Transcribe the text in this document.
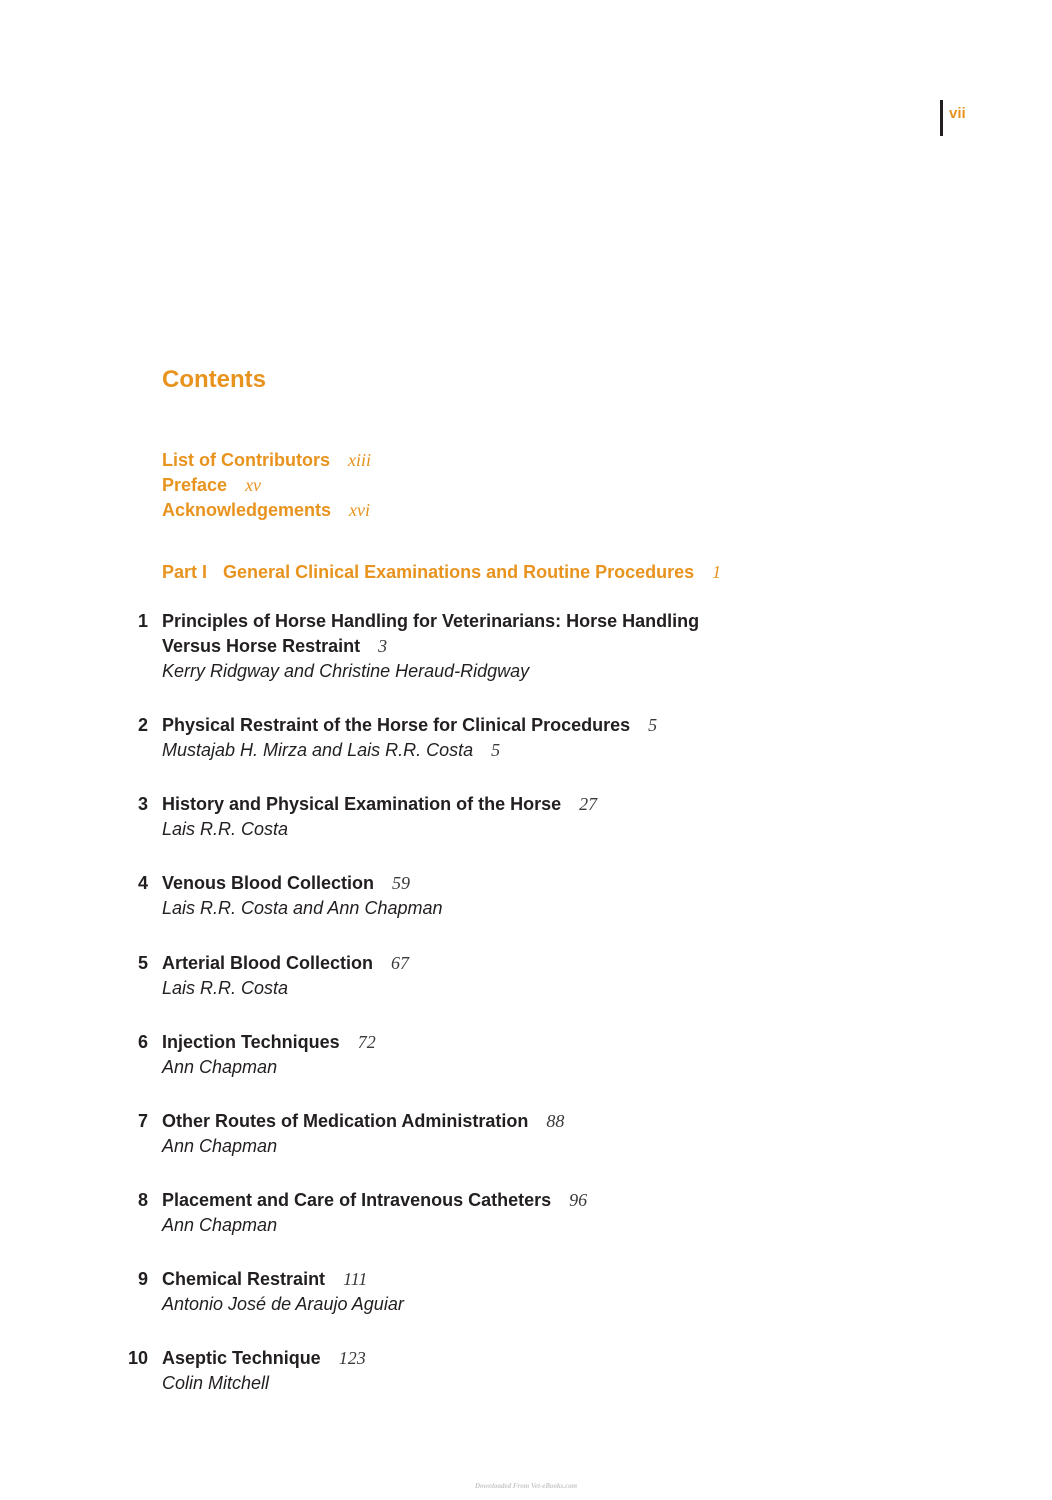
vii
Contents
List of Contributors xiii
Preface xv
Acknowledgements xvi
Part I General Clinical Examinations and Routine Procedures 1
1 Principles of Horse Handling for Veterinarians: Horse Handling
Versus Horse Restraint 3
Kerry Ridgway and Christine Heraud-Ridgway
2 Physical Restraint of the Horse for Clinical Procedures 5
Mustajab H. Mirza and Lais R.R. Costa 5
3 History and Physical Examination of the Horse 27
Lais R.R. Costa
4 Venous Blood Collection 59
Lais R.R. Costa and Ann Chapman
5 Arterial Blood Collection 67
Lais R.R. Costa
6 Injection Techniques 72
Ann Chapman
7 Other Routes of Medication Administration 88
Ann Chapman
8 Placement and Care of Intravenous Catheters 96
Ann Chapman
9 Chemical Restraint 111
Antonio José de Araujo Aguiar
10 Aseptic Technique 123
Colin Mitchell
Downloaded From Vet-eBooks.com
